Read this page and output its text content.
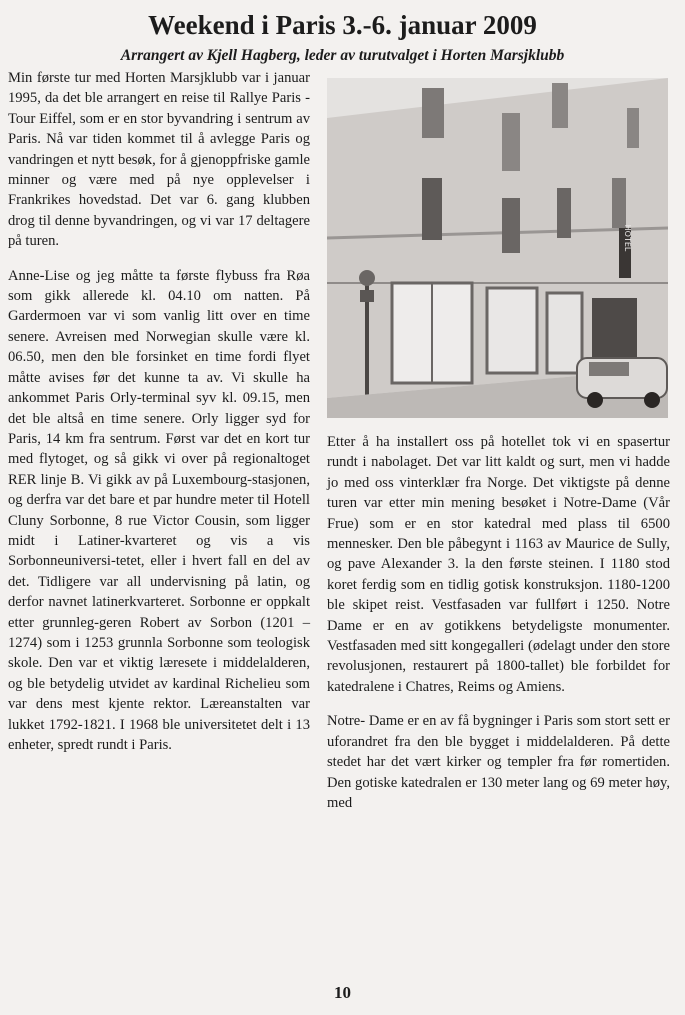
Weekend i Paris 3.-6. januar 2009
Arrangert av Kjell Hagberg, leder av turutvalget i Horten Marsjklubb

Min første tur med Horten Marsjklubb var i januar 1995, da det ble arrangert en reise til Rallye Paris - Tour Eiffel, som er en stor byvandring i sentrum av Paris. Nå var tiden kommet til å avlegge Paris og vandringen et nytt besøk, for å gjenoppfriske gamle minner og være med på nye opplevelser i Frankrikes hovedstad. Det var 6. gang klubben drog til denne byvandringen, og vi var 17 deltagere på turen.

Anne-Lise og jeg måtte ta første flybuss fra Røa som gikk allerede kl. 04.10 om natten. På Gardermoen var vi som vanlig litt over en time senere. Avreisen med Norwegian skulle være kl. 06.50, men den ble forsinket en time fordi flyet måtte avises før det kunne ta av. Vi skulle ha ankommet Paris Orly-terminal syv kl. 09.15, men det ble altså en time senere. Orly ligger syd for Paris, 14 km fra sentrum. Først var det en kort tur med flytoget, og så gikk vi over på regionaltoget RER linje B. Vi gikk av på Luxembourg-stasjonen, og derfra var det bare et par hundre meter til Hotell Cluny Sorbonne, 8 rue Victor Cousin, som ligger midt i Latiner-kvarteret og vis a vis Sorbonneuniversi-tetet, eller i hvert fall en del av det. Tidligere var all undervisning på latin, og derfor navnet latinerkvarteret. Sorbonne er oppkalt etter grunnleg-geren Robert av Sorbon (1201 – 1274) som i 1253 grunnla Sorbonne som teologisk skole. Den var et viktig læresete i middelalderen, og ble betydelig utvidet av kardinal Richelieu som var dens mest kjente rektor. Læreanstalten var lukket 1792-1821. I 1968 ble universitetet delt i 13 enheter, spredt rundt i Paris.

HOTEL

Etter å ha installert oss på hotellet tok vi en spasertur rundt i nabolaget. Det var litt kaldt og surt, men vi hadde jo med oss vinterklær fra Norge. Det viktigste på denne turen var etter min mening besøket i Notre-Dame (Vår Frue) som er en stor katedral med plass til 6500 mennesker. Den ble påbegynt i 1163 av Maurice de Sully, og pave Alexander 3. la den første steinen. I 1180 stod koret ferdig som en tidlig gotisk konstruksjon. 1180-1200 ble skipet reist. Vestfasaden var fullført i 1250. Notre Dame er en av gotikkens betydeligste monumenter. Vestfasaden med sitt kongegalleri (ødelagt under den store revolusjonen, restaurert på 1800-tallet) ble forbildet for katedralene i Chatres, Reims og Amiens.

Notre- Dame er en av få bygninger i Paris som stort sett er uforandret fra den ble bygget i middelalderen. På dette stedet har det vært kirker og templer fra før romertiden. Den gotiske katedralen er 130 meter lang og 69 meter høy, med

10
